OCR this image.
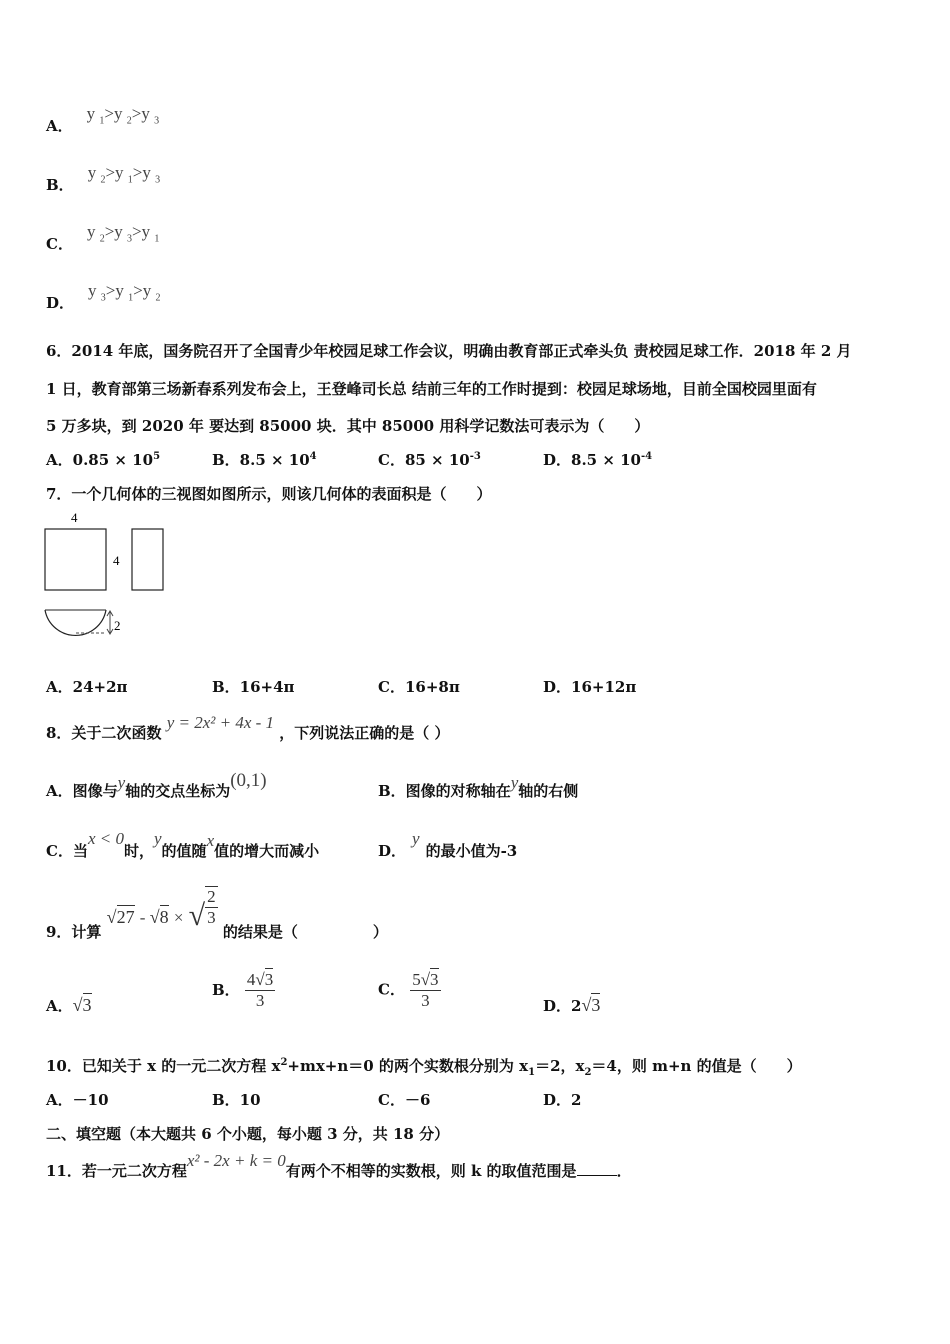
A．y $_1$>y $_2$>y $_3$
B．y $_2$>y $_1$>y $_3$
C．y $_2$>y $_3$>y $_1$
D．y $_3$>y $_1$>y $_2$
6．2014 年底，国务院召开了全国青少年校园足球工作会议，明确由教育部正式牵头负 责校园足球工作．2018 年 2 月
1 日，教育部第三场新春系列发布会上，王登峰司长总 结前三年的工作时提到：校园足球场地，目前全国校园里面有
5 万多块，到 2020 年 要达到 85000 块．其中 85000 用科学记数法可表示为（　　）
A．$0.85 \times 10^5$	B．$8.5 \times 10^4$	C．$85 \times 10^{-3}$	D．$8.5 \times 10^{-4}$
7．一个几何体的三视图如图所示，则该几何体的表面积是（　　）
4
4
2
A．24+2π	B．16+4π	C．16+8π	D．16+12π
8．关于二次函数 y = 2x² + 4x - 1 ，下列说法正确的是（ ）
A．图像与y轴的交点坐标为(0,1)	B．图像的对称轴在y轴的右侧
C．当x < 0时，y的值随x值的增大而减小	D．y的最小值为-3
9．计算 √27 - √8 × √ $\frac{2}{3}$
的结果是（　　　　　）
A．√3
B． $\frac{4√3}{3}$	C． $\frac{5√3}{3}$	D．2√3
10．已知关于 x 的一元二次方程 $x^2+mx+n=0$ 的两个实数根分别为 $x_1=2$，$x_2=4$，则 m+n 的值是（　　）
A．－10	B．10	C．－6	D．2
二、填空题（本大题共 6 个小题，每小题 3 分，共 18 分）
11．若一元二次方程x² - 2x + k = 0有两个不相等的实数根，则 k 的取值范围是	．
